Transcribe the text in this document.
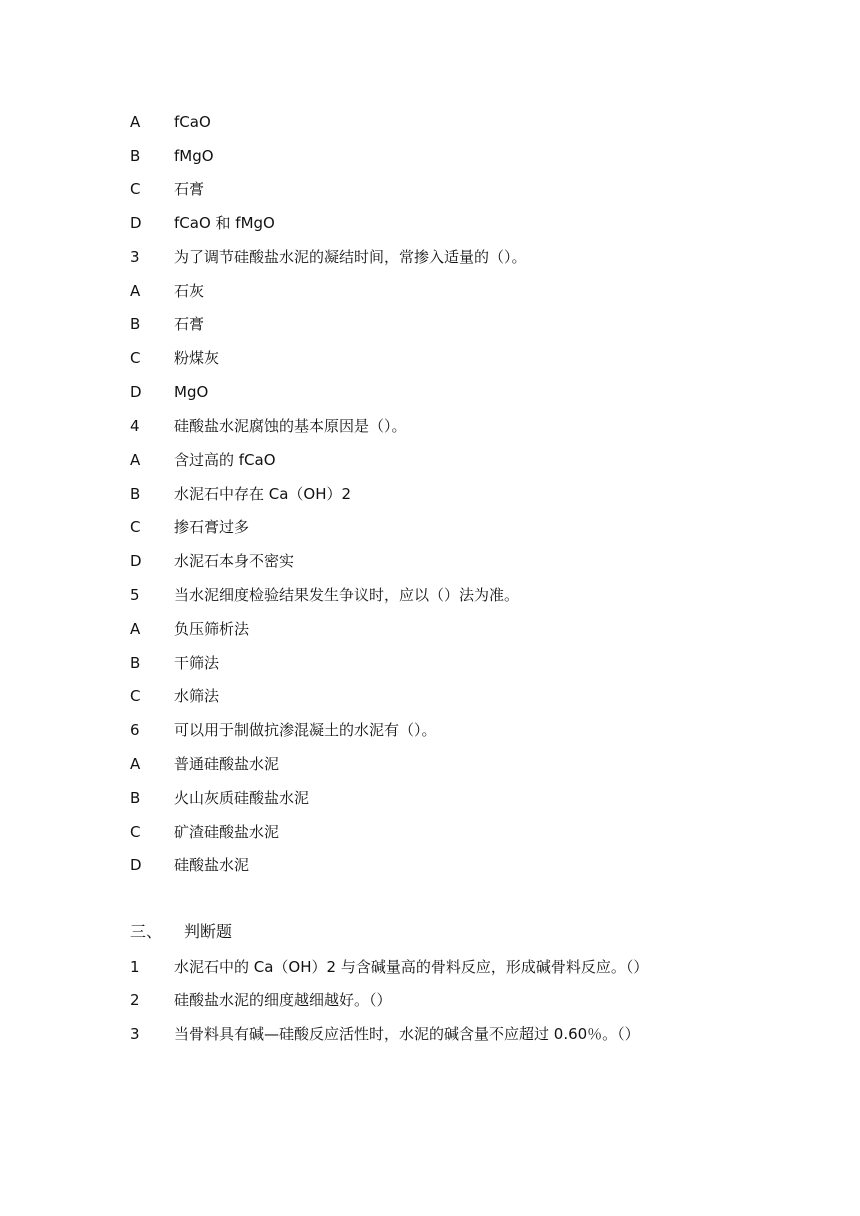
A	fCaO
B	fMgO
C	石膏
D	fCaO 和 fMgO
3	为了调节硅酸盐水泥的凝结时间，常掺入适量的（）。
A	石灰
B	石膏
C	粉煤灰
D	MgO
4	硅酸盐水泥腐蚀的基本原因是（）。
A	含过高的 fCaO
B	水泥石中存在 Ca（OH）2
C	掺石膏过多
D	水泥石本身不密实
5	当水泥细度检验结果发生争议时，应以（）法为准。
A	负压筛析法
B	干筛法
C	水筛法
6	可以用于制做抗渗混凝土的水泥有（）。
A	普通硅酸盐水泥
B	火山灰质硅酸盐水泥
C	矿渣硅酸盐水泥
D	硅酸盐水泥
三、 判断题
1	水泥石中的 Ca（OH）2 与含碱量高的骨料反应，形成碱骨料反应。（）
2	硅酸盐水泥的细度越细越好。（）
3	当骨料具有碱—硅酸反应活性时，水泥的碱含量不应超过 0.60％。（）
